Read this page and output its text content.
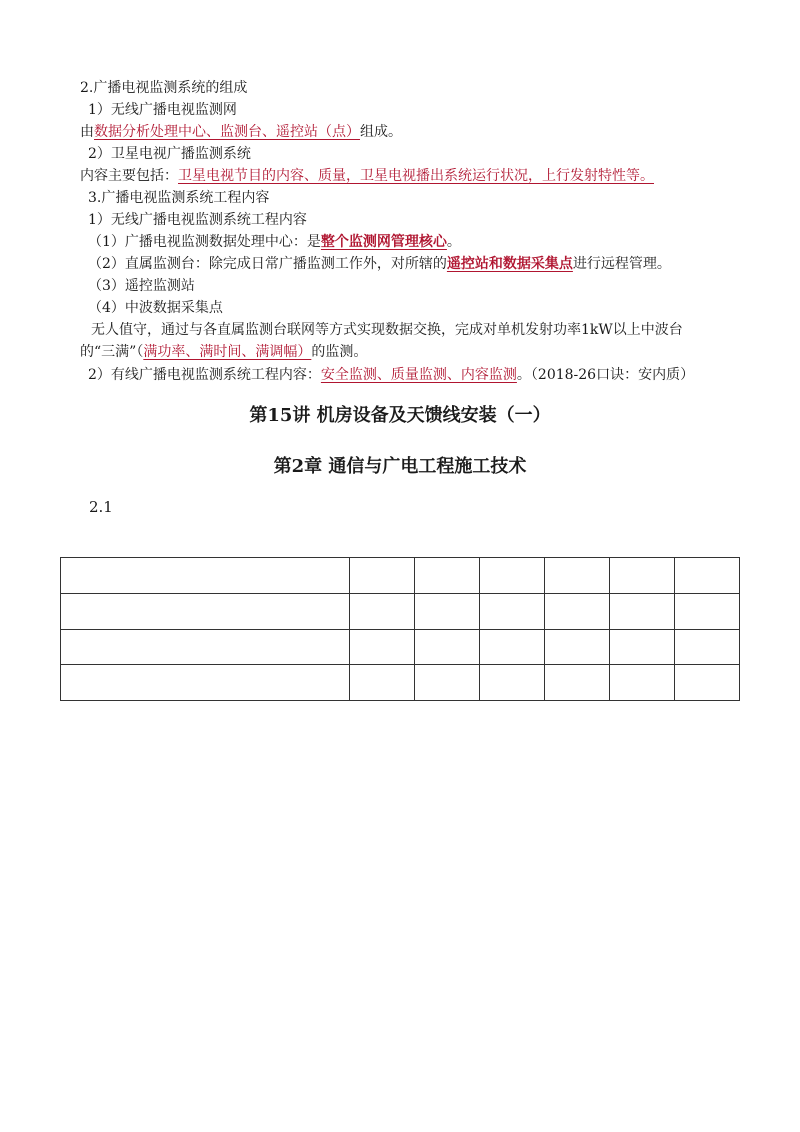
2.广播电视监测系统的组成
1）无线广播电视监测网
由数据分析处理中心、监测台、遥控站（点）组成。
2）卫星电视广播监测系统
内容主要包括：卫星电视节目的内容、质量，卫星电视播出系统运行状况，上行发射特性等。
3.广播电视监测系统工程内容
1）无线广播电视监测系统工程内容
（1）广播电视监测数据处理中心：是整个监测网管理核心。
（2）直属监测台：除完成日常广播监测工作外，对所辖的遥控站和数据采集点进行远程管理。
（3）遥控监测站
（4）中波数据采集点
无人值守，通过与各直属监测台联网等方式实现数据交换，完成对单机发射功率1kW以上中波台
的“三满”（满功率、满时间、满调幅）的监测。
2）有线广播电视监测系统工程内容：安全监测、质量监测、内容监测。（2018-26口诀：安内质）
第15讲 机房设备及天馈线安装（一）
第2章 通信与广电工程施工技术
2.1
